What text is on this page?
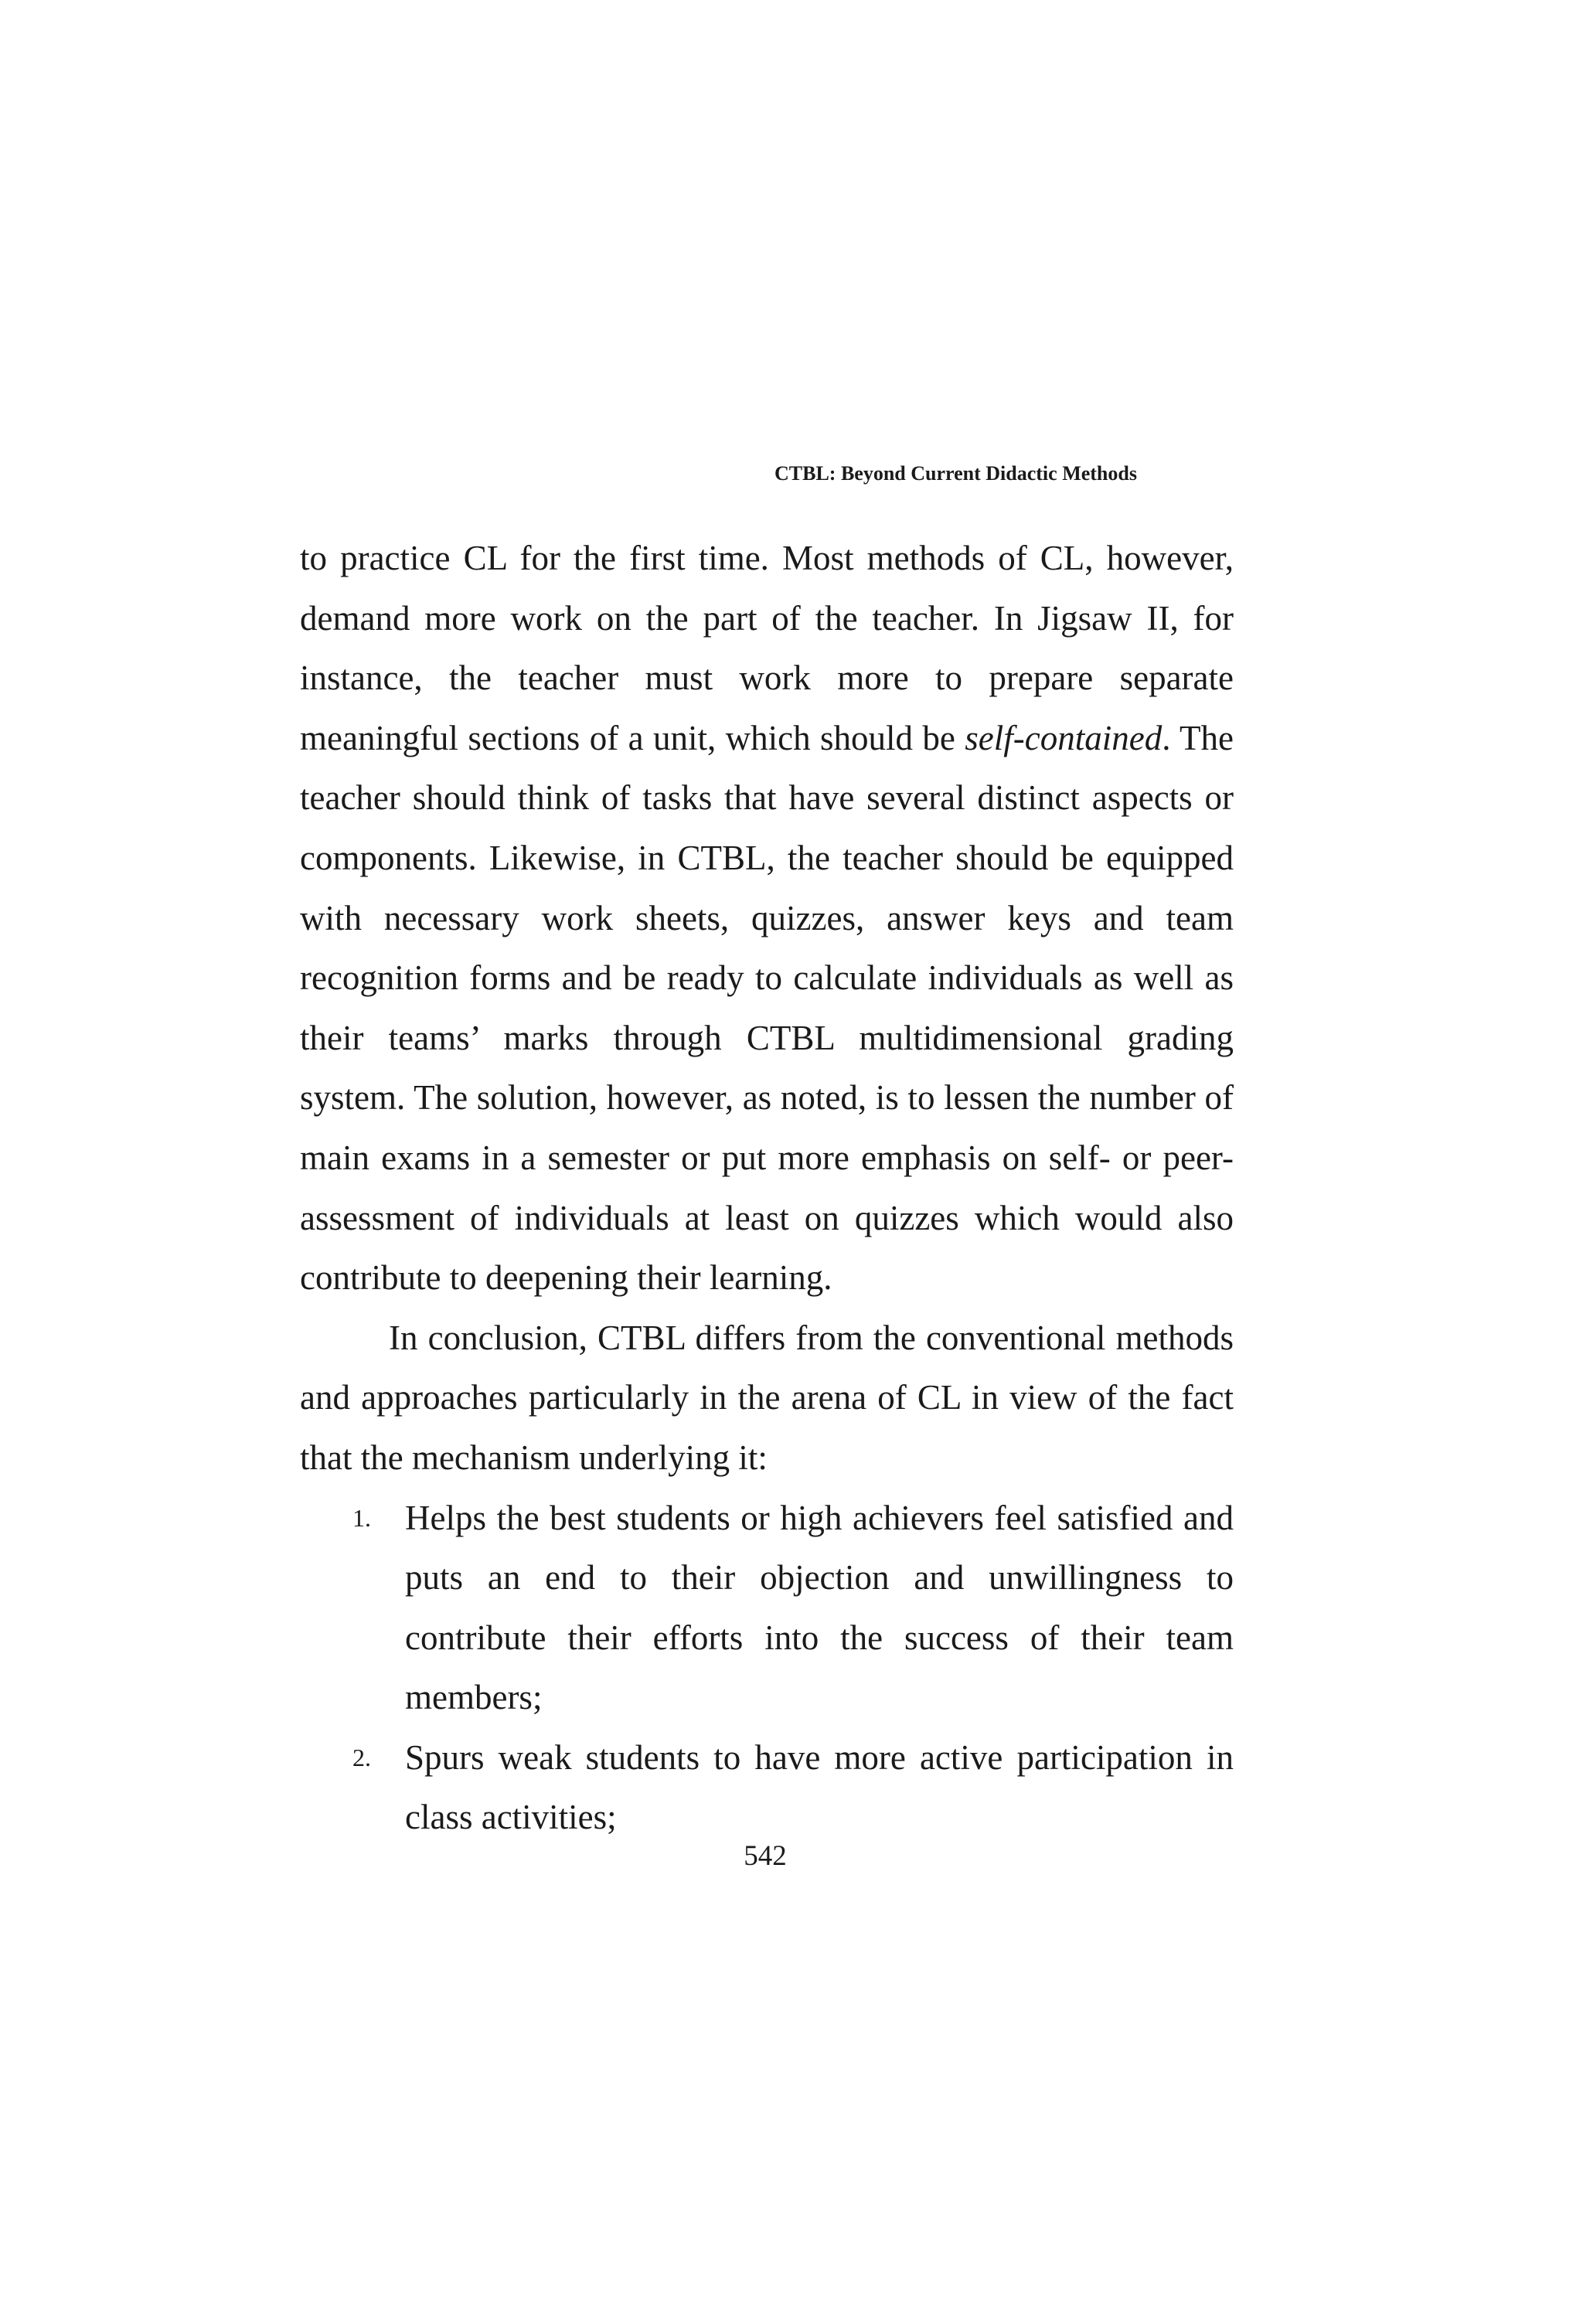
CTBL: Beyond Current Didactic Methods

to practice CL for the first time. Most methods of CL, however, demand more work on the part of the teacher. In Jigsaw II, for instance, the teacher must work more to prepare separate meaningful sections of a unit, which should be self-contained. The teacher should think of tasks that have several distinct aspects or components. Likewise, in CTBL, the teacher should be equipped with necessary work sheets, quizzes, answer keys and team recognition forms and be ready to calculate individuals as well as their teams’ marks through CTBL multidimensional grading system. The solution, however, as noted, is to lessen the number of main exams in a semester or put more emphasis on self- or peer-assessment of individuals at least on quizzes which would also contribute to deepening their learning.

In conclusion, CTBL differs from the conventional methods and approaches particularly in the arena of CL in view of the fact that the mechanism underlying it:

1. Helps the best students or high achievers feel satisfied and puts an end to their objection and unwillingness to contribute their efforts into the success of their team members;
2. Spurs weak students to have more active participation in class activities;
542
